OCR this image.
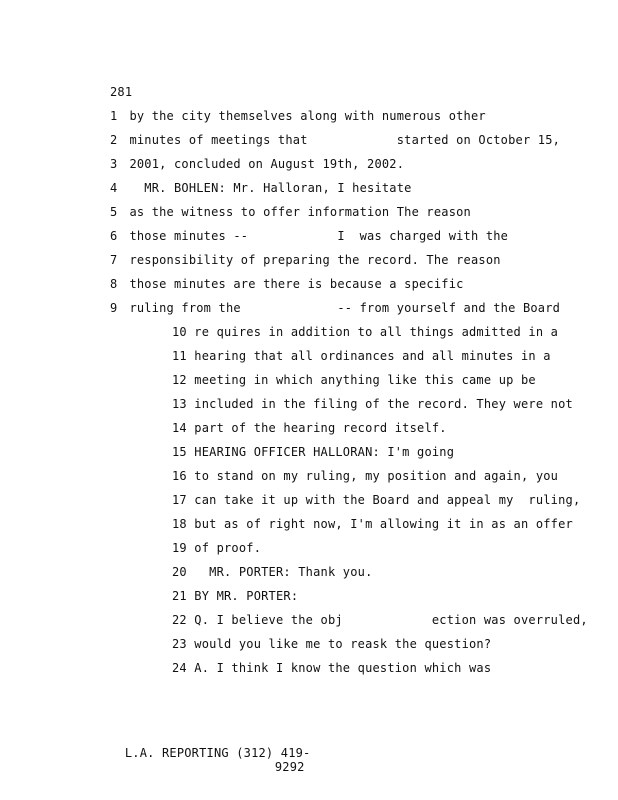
281
1 by the city themselves along with numerous other
2 minutes of meetings that            started on October 15,
3 2001, concluded on August 19th, 2002.
4   MR. BOHLEN: Mr. Halloran, I hesitate
5 as the witness to offer information The reason
6 those minutes --            I  was charged with the
7 responsibility of preparing the record. The reason
8 those minutes are there is because a specific
9 ruling from the             -- from yourself and the Board
10 re quires in addition to all things admitted in a
11 hearing that all ordinances and all minutes in a
12 meeting in which anything like this came up be
13 included in the filing of the record. They were not
14 part of the hearing record itself.
15 HEARING OFFICER HALLORAN: I'm going
16 to stand on my ruling, my position and again, you
17 can take it up with the Board and appeal my  ruling,
18 but as of right now, I'm allowing it in as an offer
19 of proof.
20   MR. PORTER: Thank you.
21 BY MR. PORTER:
22 Q. I believe the obj            ection was overruled,
23 would you like me to reask the question?
24 A. I think I know the question which was

L.A. REPORTING (312) 419-
9292
